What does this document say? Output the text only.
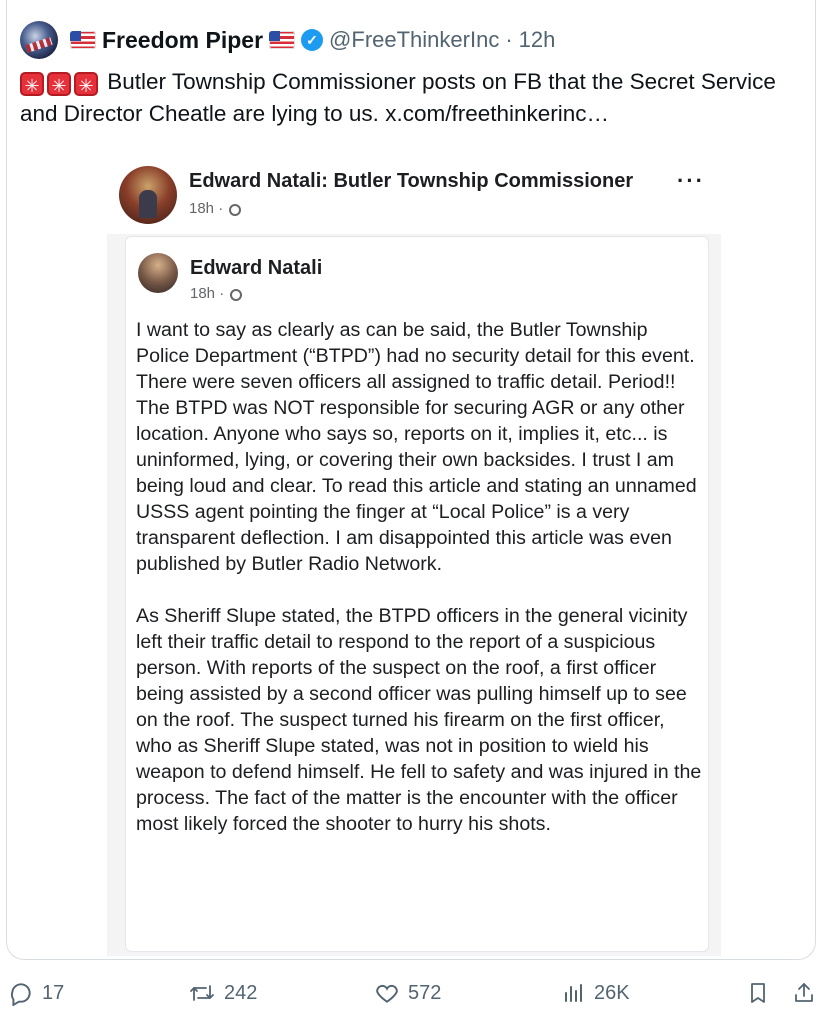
Freedom Piper	✓ @FreeThinkerInc · 12h
✳ ✳ ✳ Butler Township Commissioner posts on FB that the Secret Service and Director Cheatle are lying to us. x.com/freethinkerinc…
Edward Natali: Butler Township Commissioner
18h ·
···
Edward Natali
18h ·

I want to say as clearly as can be said, the Butler Township Police Department (“BTPD”) had no security detail for this event. There were seven officers all assigned to traffic detail. Period!! The BTPD was NOT responsible for securing AGR or any other location. Anyone who says so, reports on it, implies it, etc... is uninformed, lying, or covering their own backsides. I trust I am being loud and clear. To read this article and stating an unnamed USSS agent pointing the finger at “Local Police” is a very transparent deflection. I am disappointed this article was even published by Butler Radio Network.

As Sheriff Slupe stated, the BTPD officers in the general vicinity left their traffic detail to respond to the report of a suspicious person. With reports of the suspect on the roof, a first officer being assisted by a second officer was pulling himself up to see on the roof. The suspect turned his firearm on the first officer, who as Sheriff Slupe stated, was not in position to wield his weapon to defend himself. He fell to safety and was injured in the process. The fact of the matter is the encounter with the officer most likely forced the shooter to hurry his shots.

17	242	572	26K
